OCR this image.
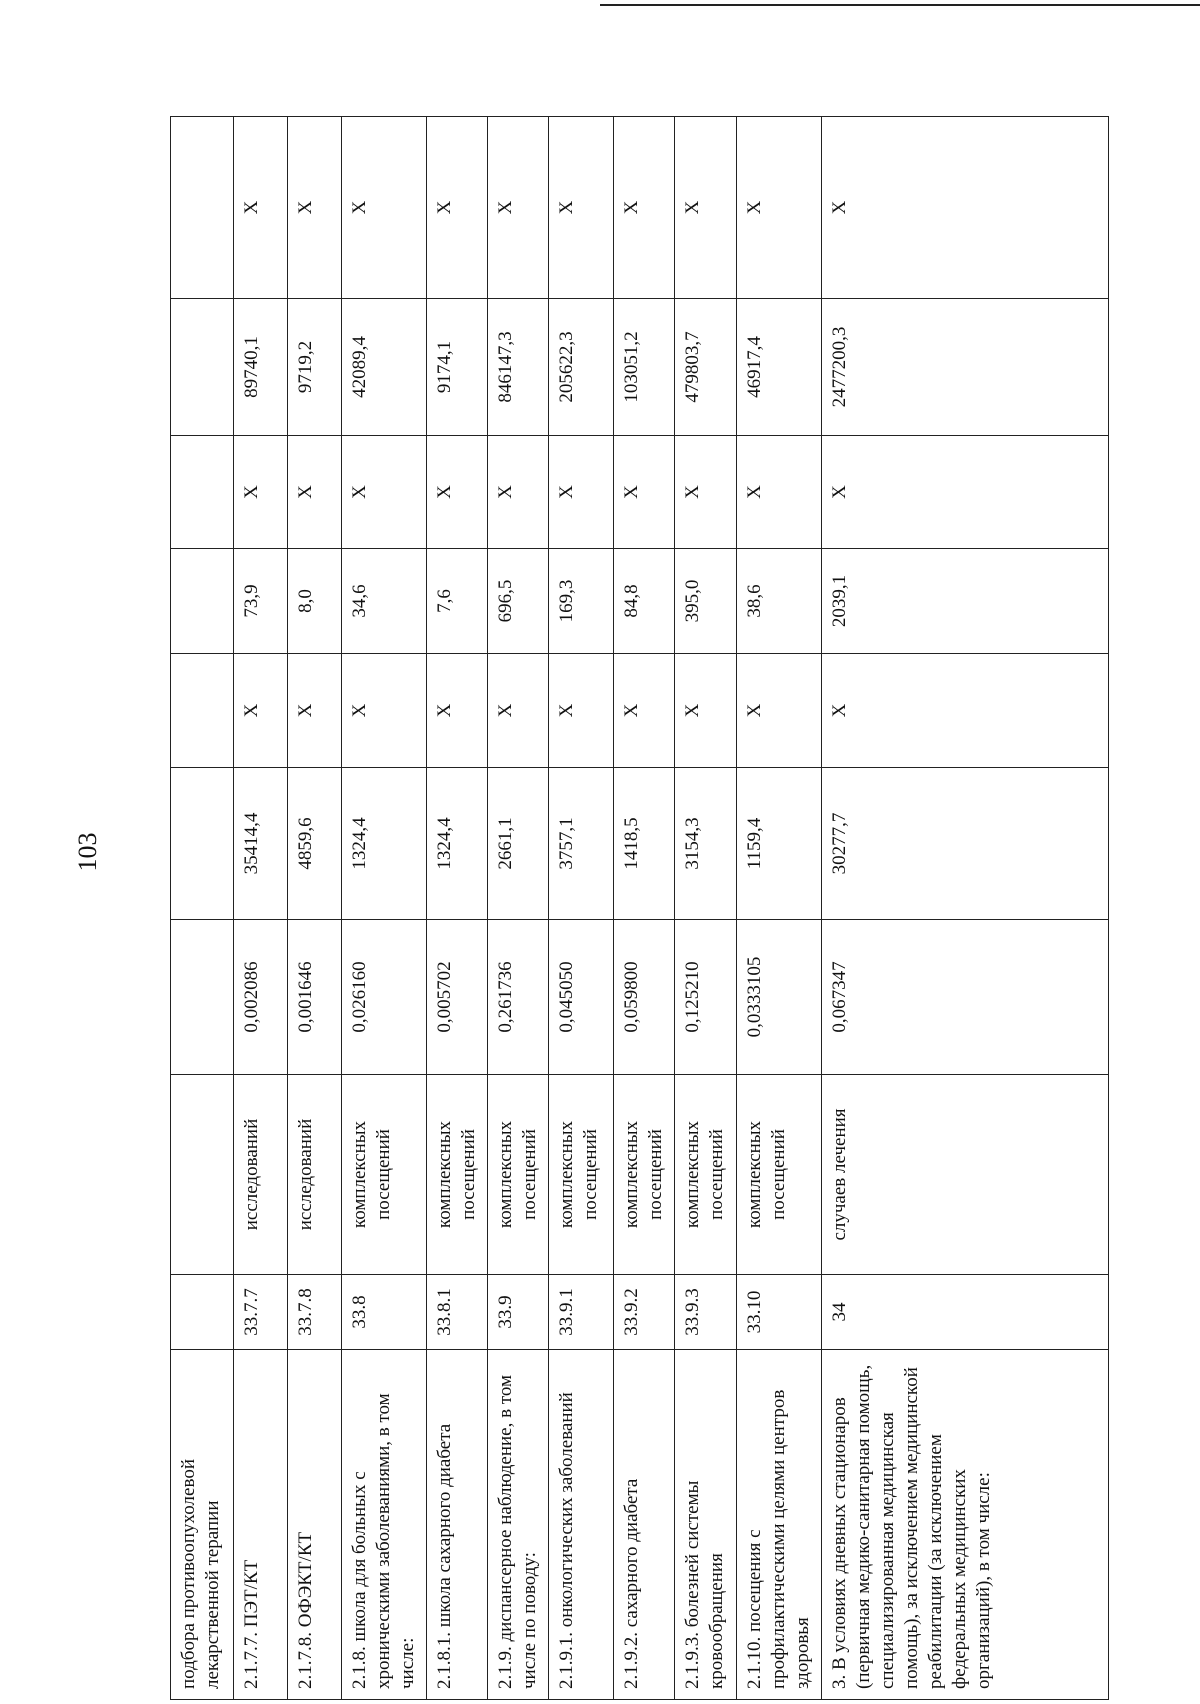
103
подбора противоопухолевой лекарственной терапии									
2.1.7.7. ПЭТ/КТ	33.7.7	исследований	0,002086	35414,4	X	73,9	X	89740,1	X
2.1.7.8. ОФЭКТ/КТ	33.7.8	исследований	0,001646	4859,6	X	8,0	X	9719,2	X
2.1.8. школа для больных с хроническими заболеваниями, в том числе:	33.8	комплексных посещений	0,026160	1324,4	X	34,6	X	42089,4	X
2.1.8.1. школа сахарного диабета	33.8.1	комплексных посещений	0,005702	1324,4	X	7,6	X	9174,1	X
2.1.9. диспансерное наблюдение, в том числе по поводу:	33.9	комплексных посещений	0,261736	2661,1	X	696,5	X	846147,3	X
2.1.9.1. онкологических заболеваний	33.9.1	комплексных посещений	0,045050	3757,1	X	169,3	X	205622,3	X
2.1.9.2. сахарного диабета	33.9.2	комплексных посещений	0,059800	1418,5	X	84,8	X	103051,2	X
2.1.9.3. болезней системы кровообращения	33.9.3	комплексных посещений	0,125210	3154,3	X	395,0	X	479803,7	X
2.1.10. посещения с профилактическими целями центров здоровья	33.10	комплексных посещений	0,0333105	1159,4	X	38,6	X	46917,4	X
3. В условиях дневных стационаров (первичная медико-санитарная помощь, специализированная медицинская помощь), за исключением медицинской реабилитации (за исключением федеральных медицинских организаций), в том числе:	34	случаев лечения	0,067347	30277,7	X	2039,1	X	2477200,3	X
